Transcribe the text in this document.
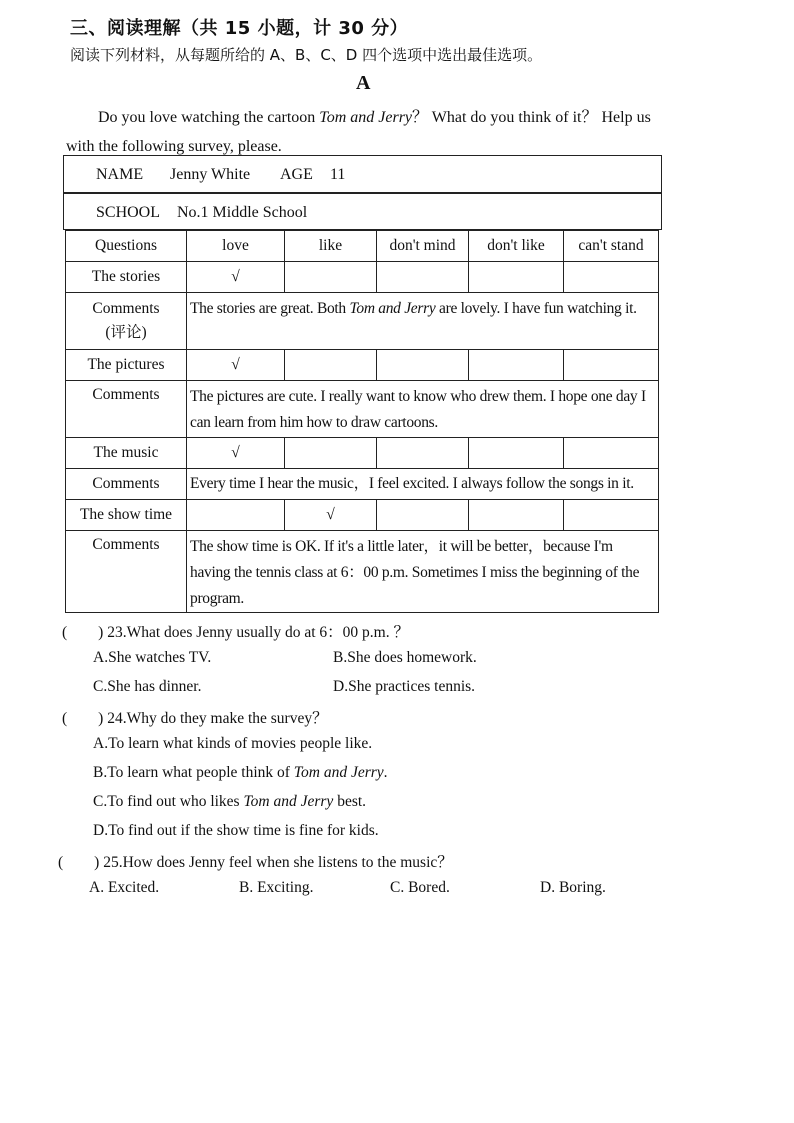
三、阅读理解（共 15 小题，计 30 分）
阅读下列材料，从每题所给的 A、B、C、D 四个选项中选出最佳选项。
A
Do you love watching the cartoon Tom and Jerry？ What do you think of it？ Help us with the following survey, please.
NAME Jenny White AGE 11
SCHOOL No.1 Middle School
Questions	love	like	don't mind	don't like	can't stand
The stories	√				

Comments
(评论)	The stories are great. Both Tom and Jerry are lovely. I have fun watching it.				
The pictures	√				
Comments	The pictures are cute. I really want to know who drew them. I hope one day I can learn from him how to draw cartoons.				
The music	√				
Comments	Every time I hear the music，I feel excited. I always follow the songs in it.				
The show time		√			
Comments	The show time is OK. If it's a little later，it will be better，because I'm having the tennis class at 6：00 p.m. Sometimes I miss the beginning of the program.				
(　　) 23.What does Jenny usually do at 6：00 p.m. ？
A.She watches TV.	B.She does homework.
C.She has dinner.	D.She practices tennis.
(　　) 24.Why do they make the survey？
A.To learn what kinds of movies people like.
B.To learn what people think of Tom and Jerry.
C.To find out who likes Tom and Jerry best.
D.To find out if the show time is fine for kids.
(　　) 25.How does Jenny feel when she listens to the music？
A. Excited.	B. Exciting.	C. Bored.	D. Boring.
